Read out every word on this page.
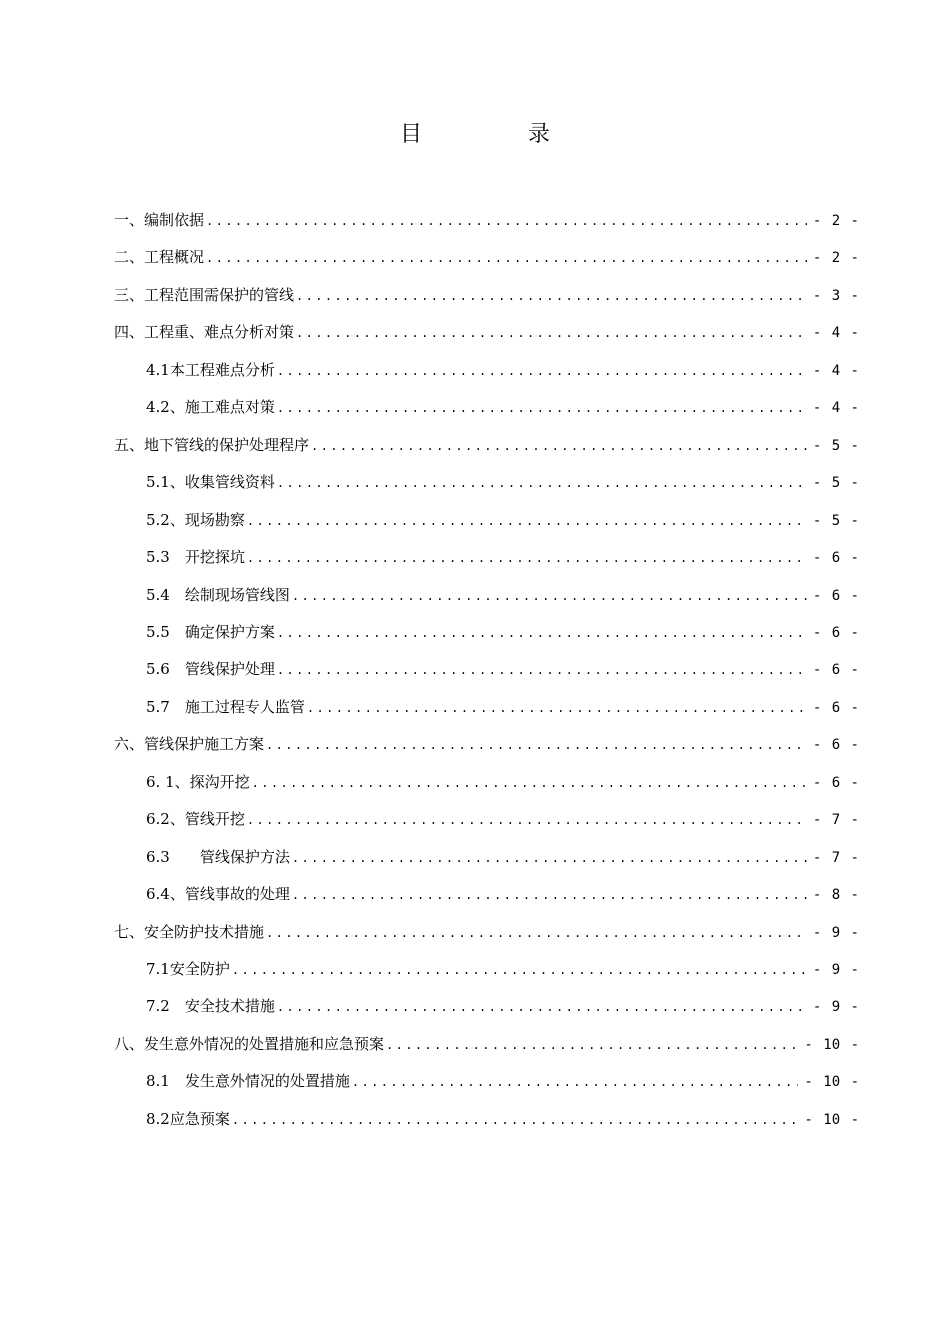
目　录
一、编制依据 .....	- 2 -
二、工程概况 .....	- 2 -
三、工程范围需保护的管线 .....	- 3 -
四、工程重、难点分析对策 .....	- 4 -
4.1本工程难点分析 .....	- 4 -
4.2、施工难点对策 .....	- 4 -
五、地下管线的保护处理程序 .....	- 5 -
5.1、收集管线资料 .....	- 5 -
5.2、现场勘察 .....	- 5 -
5.3　开挖探坑 .....	- 6 -
5.4　绘制现场管线图 .....	- 6 -
5.5　确定保护方案 .....	- 6 -
5.6　管线保护处理 .....	- 6 -
5.7　施工过程专人监管 .....	- 6 -
六、管线保护施工方案 .....	- 6 -
6. 1、探沟开挖 .....	- 6 -
6.2、管线开挖 .....	- 7 -
6.3　　管线保护方法 .....	- 7 -
6.4、管线事故的处理 .....	- 8 -
七、安全防护技术措施 .....	- 9 -
7.1安全防护 .....	- 9 -
7.2　安全技术措施 .....	- 9 -
八、发生意外情况的处置措施和应急预案 .....	- 10 -
8.1　发生意外情况的处置措施 .....	- 10 -
8.2应急预案 .....	- 10 -
